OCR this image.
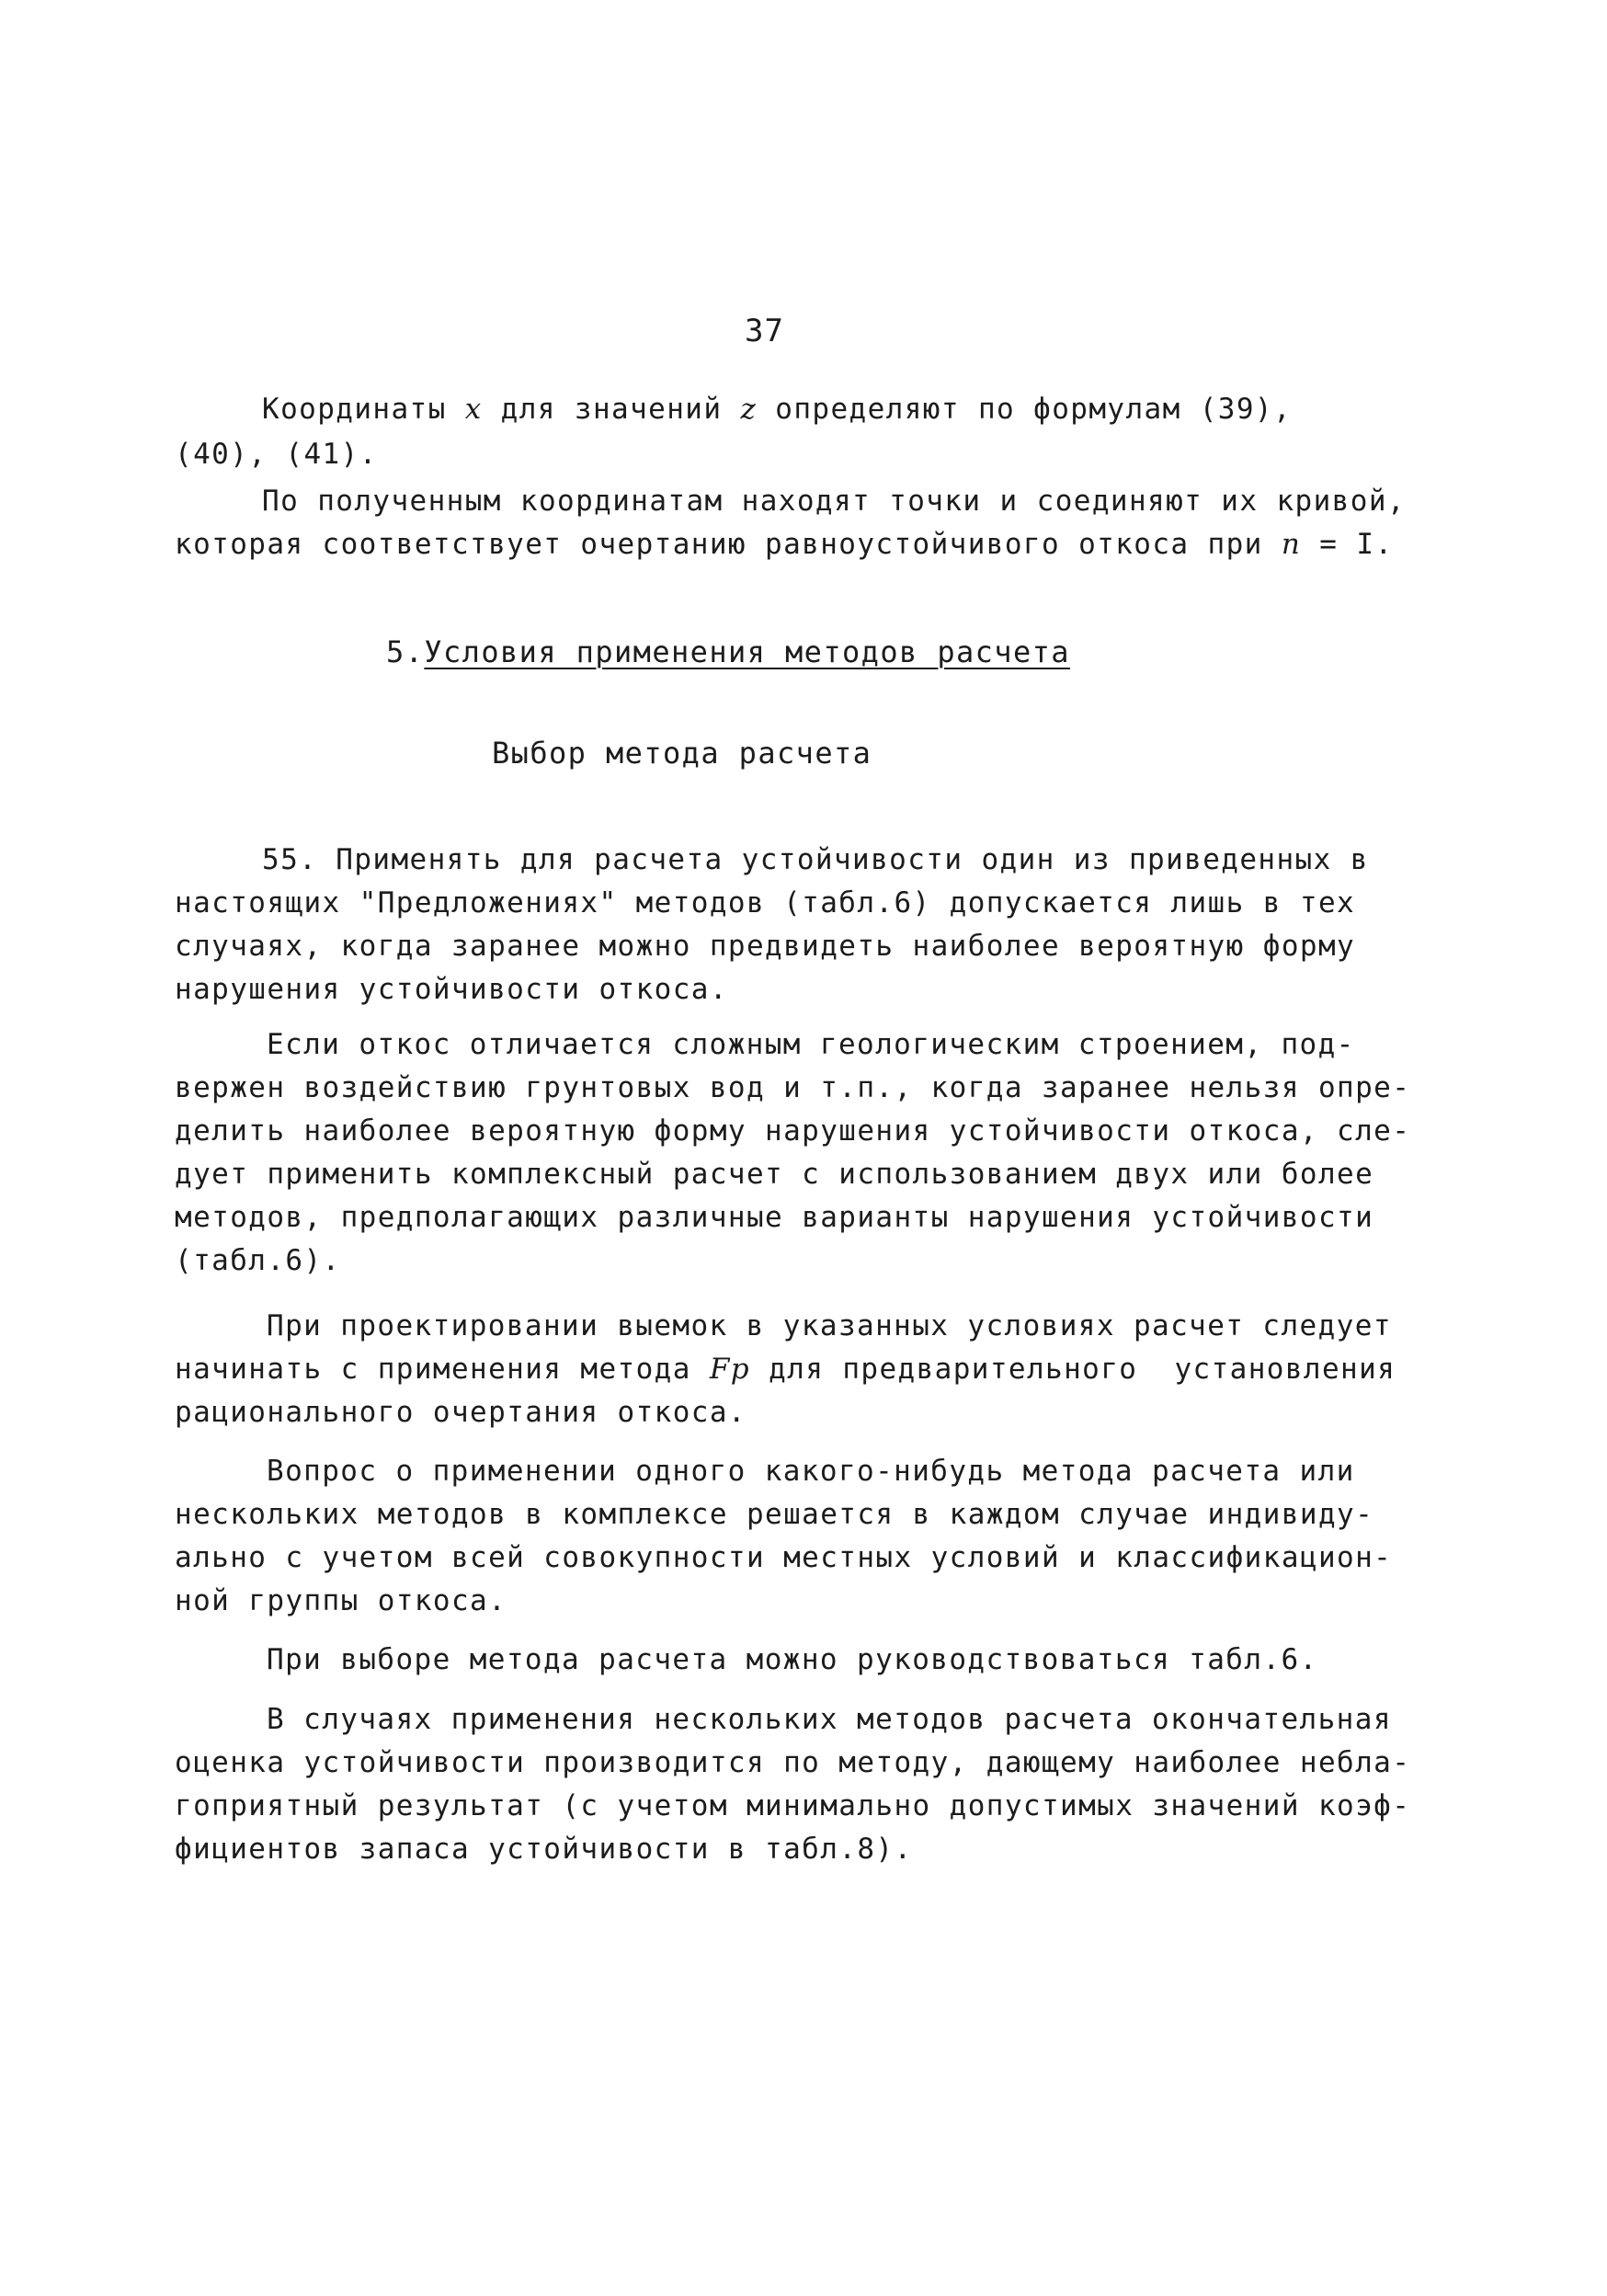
37
Координаты x для значений z определяют по формулам (39),
(40), (41).
По полученным координатам находят точки и соединяют их кривой,
которая соответствует очертанию равноустойчивого откоса при n = I.
5.Условия применения методов расчета
Выбор метода расчета
55. Применять для расчета устойчивости один из приведенных в
настоящих "Предложениях" методов (табл.6) допускается лишь в тех
случаях, когда заранее можно предвидеть наиболее вероятную форму
нарушения устойчивости откоса.
Если откос отличается сложным геологическим строением, под-
вержен воздействию грунтовых вод и т.п., когда заранее нельзя опре-
делить наиболее вероятную форму нарушения устойчивости откоса, сле-
дует применить комплексный расчет с использованием двух или более
методов, предполагающих различные варианты нарушения устойчивости
(табл.6).
При проектировании выемок в указанных условиях расчет следует
начинать с применения метода Fp для предварительного  установления
рационального очертания откоса.
Вопрос о применении одного какого-нибудь метода расчета или
нескольких методов в комплексе решается в каждом случае индивиду-
ально с учетом всей совокупности местных условий и классификацион-
ной группы откоса.
При выборе метода расчета можно руководствоваться табл.6.
В случаях применения нескольких методов расчета окончательная
оценка устойчивости производится по методу, дающему наиболее небла-
гоприятный результат (с учетом минимально допустимых значений коэф-
фициентов запаса устойчивости в табл.8).
